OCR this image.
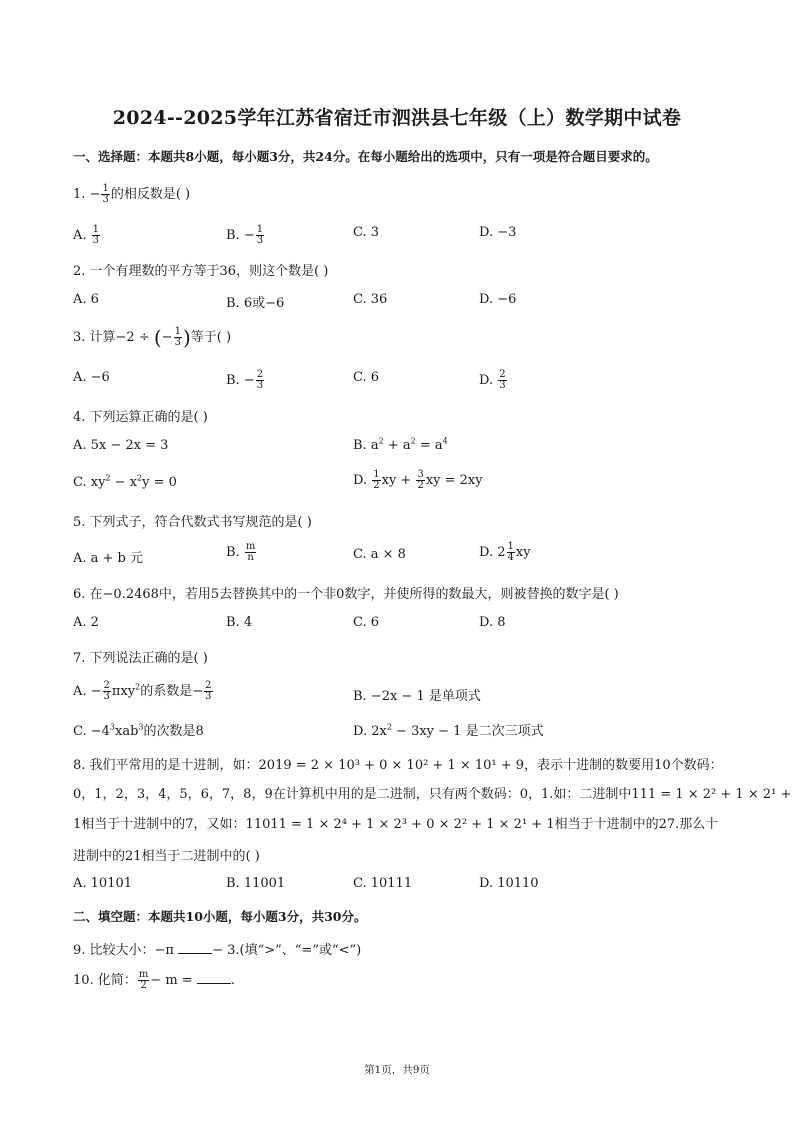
2024--2025学年江苏省宿迁市泗洪县七年级（上）数学期中试卷
一、选择题：本题共8小题，每小题3分，共24分。在每小题给出的选项中，只有一项是符合题目要求的。
1. − $\frac{1}{3}$ 的相反数是( )
A. $\frac{1}{3}$	B. − $\frac{1}{3}$	C. 3	D. −3
2. 一个有理数的平方等于36，则这个数是( )
A. 6	B. 6或−6	C. 36	D. −6
3. 计算−2 ÷ (− $\frac{1}{3}$ )等于( )
A. −6	B. − $\frac{2}{3}$	C. 6	D. $\frac{2}{3}$
4. 下列运算正确的是( )
A. 5x − 2x = 3	B. $a^2 + a^2 = a^4$
C. $xy^2 - x^2y = 0$	D. $\frac{1}{2}$ xy + $\frac{3}{2}$ xy = 2xy
5. 下列式子，符合代数式书写规范的是( )
A. a + b 元	B. $\frac{m}{n}$	C. a × 8	D. $2 \frac{1}{4}$ xy
6. 在−0.2468中，若用5去替换其中的一个非0数字，并使所得的数最大，则被替换的数字是( )
A. 2	B. 4	C. 6	D. 8
7. 下列说法正确的是( )
A. − $\frac{2}{3} \pi xy^2$的系数是− $\frac{2}{3}$	B. −2x − 1 是单项式
C. $-4^3xab^3$的次数是8	D. $2x^2 - 3xy - 1$ 是二次三项式
8. 我们平常用的是十进制，如：2019 = 2 × 10³ + 0 × 10² + 1 × 10¹ + 9，表示十进制的数要用10个数码：
0，1，2，3，4，5，6，7，8，9在计算机中用的是二进制，只有两个数码：0，1.如：二进制中111 = 1 × 2² + 1 × 2¹ +
1相当于十进制中的7，又如：11011 = 1 × 2⁴ + 1 × 2³ + 0 × 2² + 1 × 2¹ + 1相当于十进制中的27.那么十
进制中的21相当于二进制中的( )
A. 10101	B. 11001	C. 10111	D. 10110
二、填空题：本题共10小题，每小题3分，共30分。
9. 比较大小：−π	− 3.(填“>”、“=”或“<”)
10. 化简： $\frac{m}{2} - m$ =	.
第1页，共9页
